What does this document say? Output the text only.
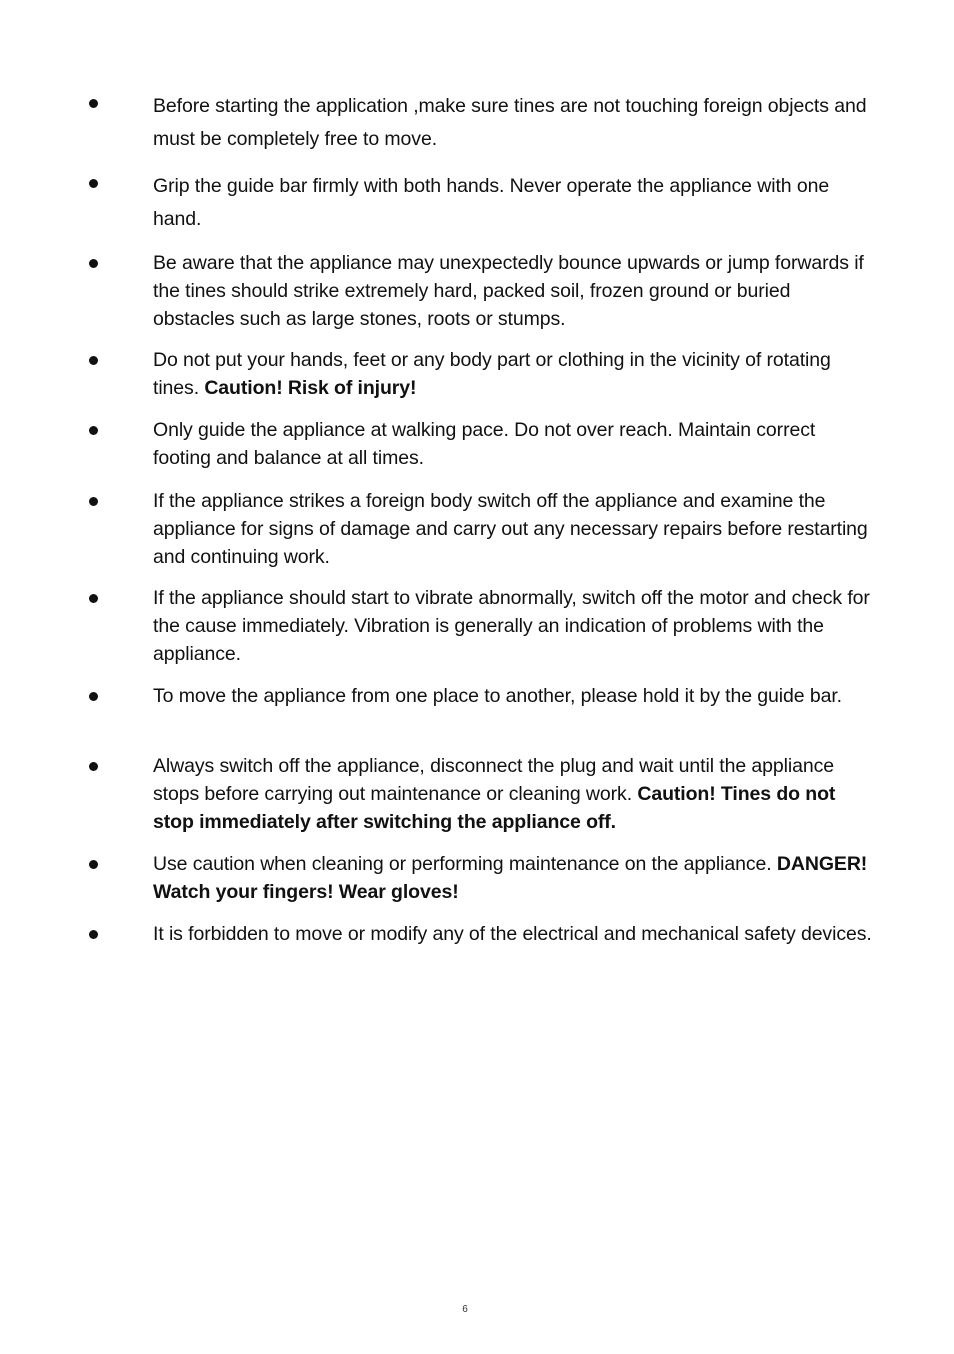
Before starting the application ,make sure tines are not touching foreign objects and must be completely free to move.

Grip the guide bar firmly with both hands. Never operate the appliance with one hand.

Be aware that the appliance may unexpectedly bounce upwards or jump forwards if the tines should strike extremely hard, packed soil, frozen ground or buried obstacles such as large stones, roots or stumps.

Do not put your hands, feet or any body part or clothing in the vicinity of rotating tines. Caution! Risk of injury!

Only guide the appliance at walking pace. Do not over reach. Maintain correct footing and balance at all times.

If the appliance strikes a foreign body switch off the appliance and examine the appliance for signs of damage and carry out any necessary repairs before restarting and continuing work.

If the appliance should start to vibrate abnormally, switch off the motor and check for the cause immediately. Vibration is generally an indication of problems with the appliance.

To move the appliance from one place to another, please hold it by the guide bar.

Always switch off the appliance, disconnect the plug and wait until the appliance stops before carrying out maintenance or cleaning work. Caution! Tines do not stop immediately after switching the appliance off.

Use caution when cleaning or performing maintenance on the appliance. DANGER! Watch your fingers! Wear gloves!

It is forbidden to move or modify any of the electrical and mechanical safety devices.

6
